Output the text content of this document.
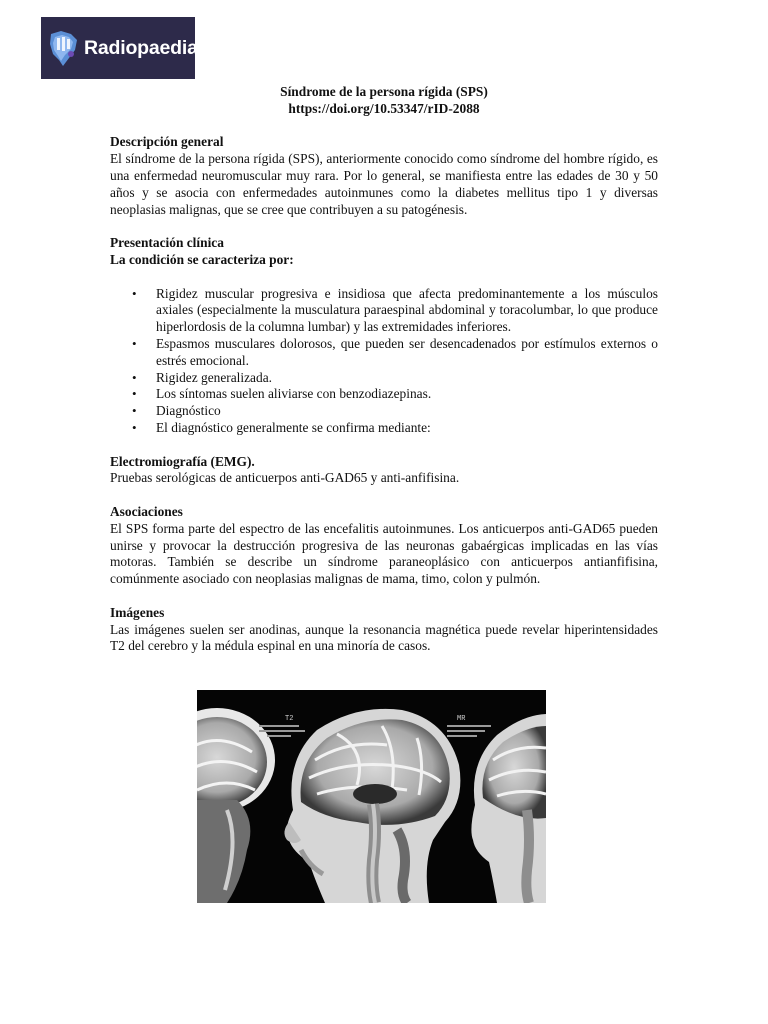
Radiopaedia
Síndrome de la persona rígida (SPS)
https://doi.org/10.53347/rID-2088
Descripción general
El síndrome de la persona rígida (SPS), anteriormente conocido como síndrome del hombre rígido, es una enfermedad neuromuscular muy rara. Por lo general, se manifiesta entre las edades de 30 y 50 años y se asocia con enfermedades autoinmunes como la diabetes mellitus tipo 1 y diversas neoplasias malignas, que se cree que contribuyen a su patogénesis.
Presentación clínica
La condición se caracteriza por:
• Rigidez muscular progresiva e insidiosa que afecta predominantemente a los músculos axiales (especialmente la musculatura paraespinal abdominal y toracolumbar, lo que produce hiperlordosis de la columna lumbar) y las extremidades inferiores.
• Espasmos musculares dolorosos, que pueden ser desencadenados por estímulos externos o estrés emocional.
• Rigidez generalizada.
• Los síntomas suelen aliviarse con benzodiazepinas.
• Diagnóstico
• El diagnóstico generalmente se confirma mediante:
Electromiografía (EMG).
Pruebas serológicas de anticuerpos anti-GAD65 y anti-anfifisina.
Asociaciones
El SPS forma parte del espectro de las encefalitis autoinmunes. Los anticuerpos anti-GAD65 pueden unirse y provocar la destrucción progresiva de las neuronas gabaérgicas implicadas en las vías motoras. También se describe un síndrome paraneoplásico con anticuerpos antianfifisina, comúnmente asociado con neoplasias malignas de mama, timo, colon y pulmón.
Imágenes
Las imágenes suelen ser anodinas, aunque la resonancia magnética puede revelar hiperintensidades T2 del cerebro y la médula espinal en una minoría de casos.
T2	MR
